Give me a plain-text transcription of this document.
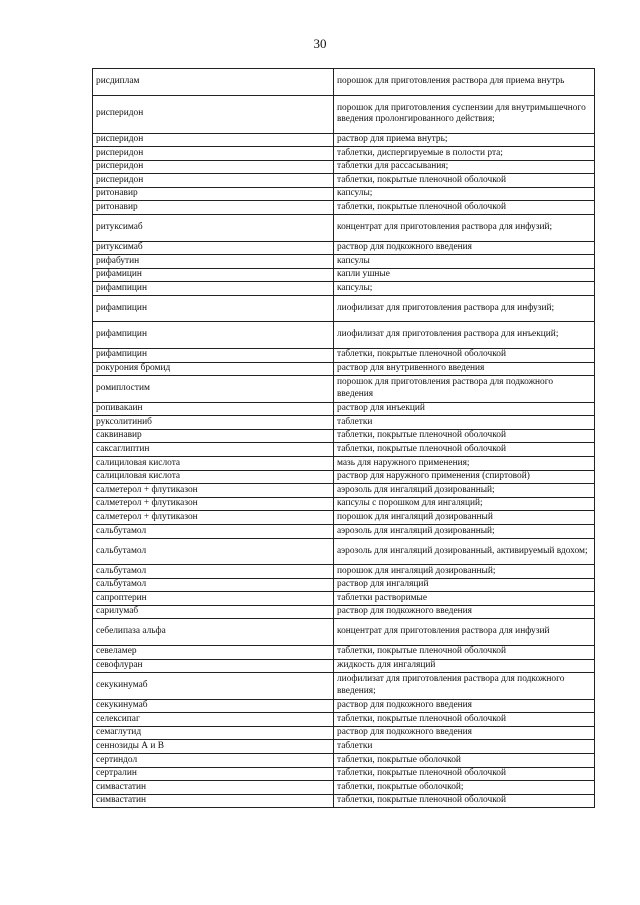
30
рисдиплам	порошок для приготовления раствора для приема внутрь
рисперидон	порошок для приготовления суспензии для внутримышечного введения пролонгированного действия;
рисперидон	раствор для приема внутрь;
рисперидон	таблетки, диспергируемые в полости рта;
рисперидон	таблетки для рассасывания;
рисперидон	таблетки, покрытые пленочной оболочкой
ритонавир	капсулы;
ритонавир	таблетки, покрытые пленочной оболочкой
ритуксимаб	концентрат для приготовления раствора для инфузий;
ритуксимаб	раствор для подкожного введения
рифабутин	капсулы
рифамицин	капли ушные
рифампицин	капсулы;
рифампицин	лиофилизат для приготовления раствора для инфузий;
рифампицин	лиофилизат для приготовления раствора для инъекций;
рифампицин	таблетки, покрытые пленочной оболочкой
рокурония бромид	раствор для внутривенного введения
ромиплостим	порошок для приготовления раствора для подкожного введения
ропивакаин	раствор для инъекций
руксолитиниб	таблетки
саквинавир	таблетки, покрытые пленочной оболочкой
саксаглиптин	таблетки, покрытые пленочной оболочкой
салициловая кислота	мазь для наружного применения;
салициловая кислота	раствор для наружного применения (спиртовой)
салметерол + флутиказон	аэрозоль для ингаляций дозированный;
салметерол + флутиказон	капсулы с порошком для ингаляций;
салметерол + флутиказон	порошок для ингаляций дозированный
сальбутамол	аэрозоль для ингаляций дозированный;
сальбутамол	аэрозоль для ингаляций дозированный, активируемый вдохом;
сальбутамол	порошок для ингаляций дозированный;
сальбутамол	раствор для ингаляций
сапроптерин	таблетки растворимые
сарилумаб	раствор для подкожного введения
себелипаза альфа	концентрат для приготовления раствора для инфузий
севеламер	таблетки, покрытые пленочной оболочкой
севофлуран	жидкость для ингаляций
секукинумаб	лиофилизат для приготовления раствора для подкожного введения;
секукинумаб	раствор для подкожного введения
селексипаг	таблетки, покрытые пленочной оболочкой
семаглутид	раствор для подкожного введения
сеннозиды А и В	таблетки
сертиндол	таблетки, покрытые оболочкой
сертралин	таблетки, покрытые пленочной оболочкой
симвастатин	таблетки, покрытые оболочкой;
симвастатин	таблетки, покрытые пленочной оболочкой
